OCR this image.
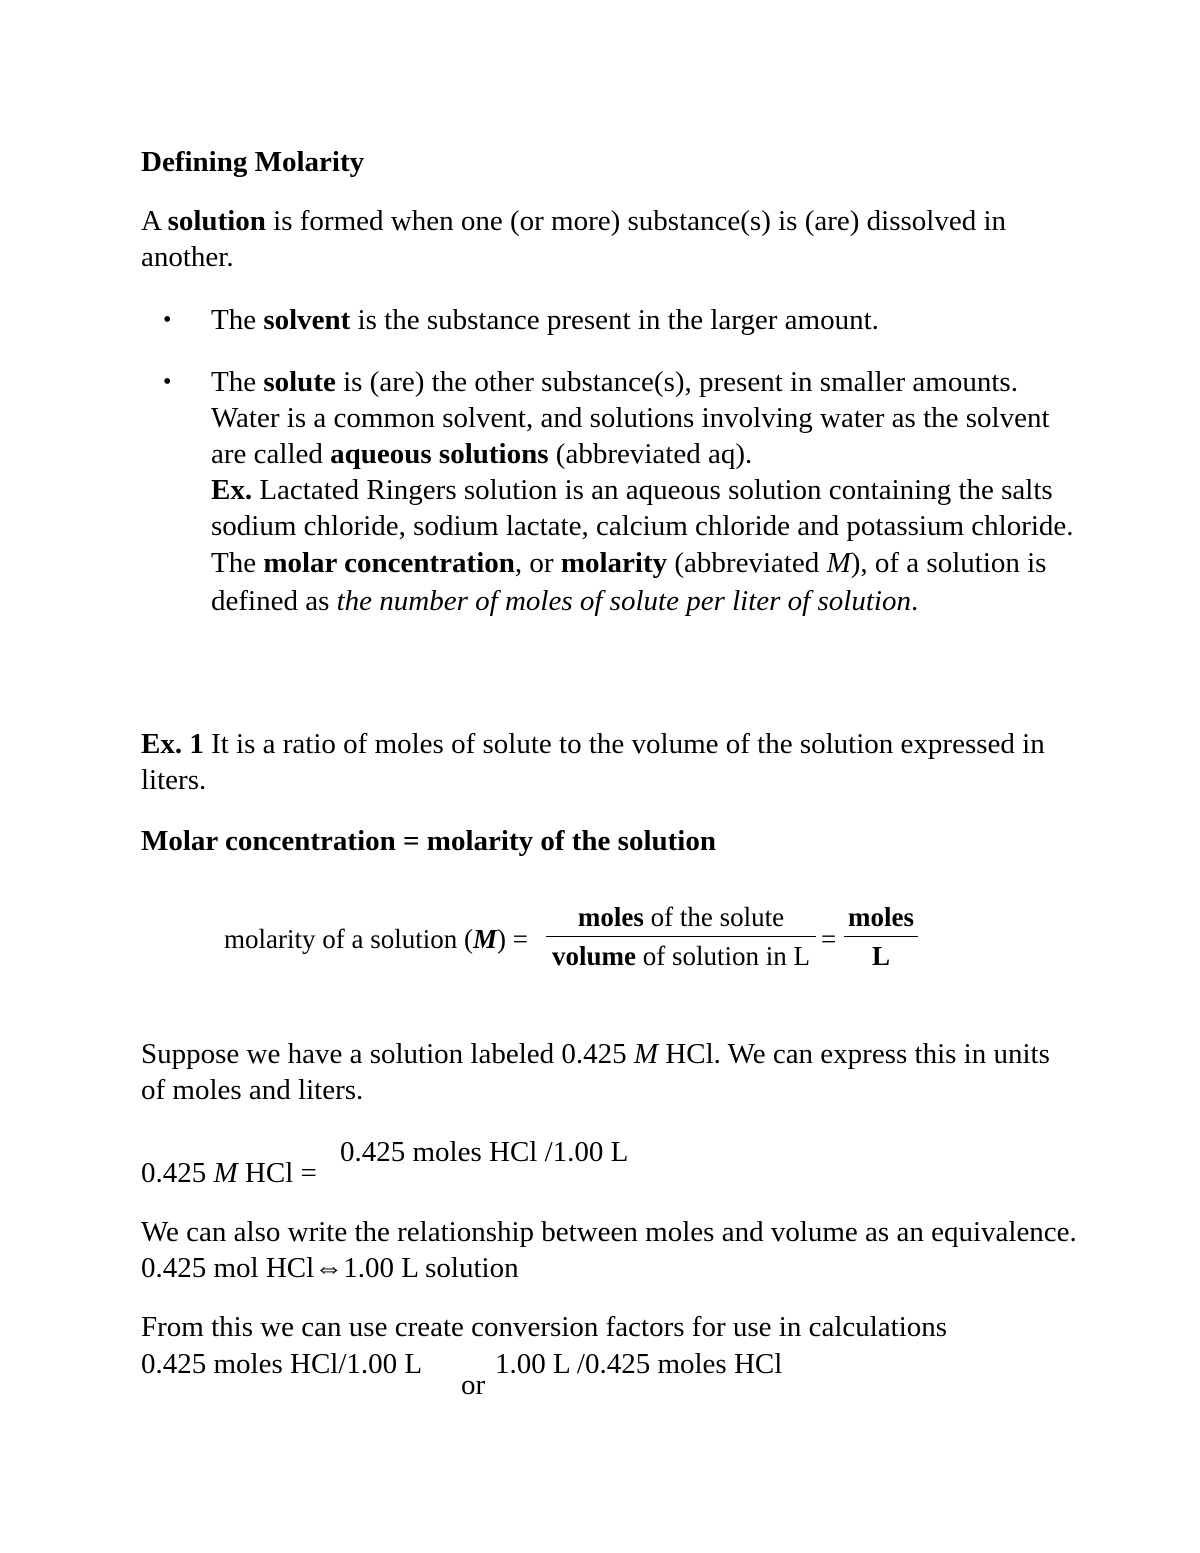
Defining Molarity

A solution is formed when one (or more) substance(s) is (are) dissolved in another.

• The solvent is the substance present in the larger amount.

• The solute is (are) the other substance(s), present in smaller amounts. Water is a common solvent, and solutions involving water as the solvent are called aqueous solutions (abbreviated aq).
Ex. Lactated Ringers solution is an aqueous solution containing the salts sodium chloride, sodium lactate, calcium chloride and potassium chloride.
The molar concentration, or molarity (abbreviated M), of a solution is defined as the number of moles of solute per liter of solution.

Ex. 1 It is a ratio of moles of solute to the volume of the solution expressed in liters.

Molar concentration = molarity of the solution

molarity of a solution (M) =
moles of the solute
volume of solution in L
=
moles
L

Suppose we have a solution labeled 0.425 M HCl. We can express this in units of moles and liters.

0.425 M HCl =
0.425 moles HCl /1.00 L

We can also write the relationship between moles and volume as an equivalence. 0.425 mol HCl⇔1.00 L solution

From this we can use create conversion factors for use in calculations
0.425 moles HCl/1.00 L
or
1.00 L /0.425 moles HCl
